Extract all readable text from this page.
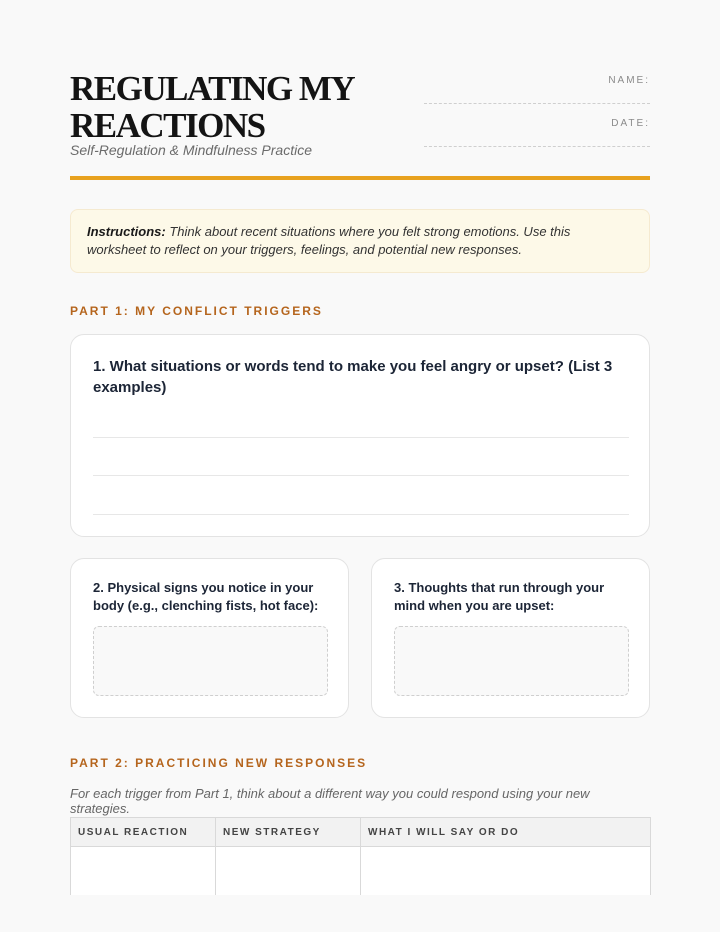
REGULATING MY REACTIONS
Self-Regulation & Mindfulness Practice
NAME:
DATE:
Instructions: Think about recent situations where you felt strong emotions. Use this worksheet to reflect on your triggers, feelings, and potential new responses.
PART 1: MY CONFLICT TRIGGERS
1. What situations or words tend to make you feel angry or upset? (List 3 examples)
2. Physical signs you notice in your body (e.g., clenching fists, hot face):
3. Thoughts that run through your mind when you are upset:
PART 2: PRACTICING NEW RESPONSES
For each trigger from Part 1, think about a different way you could respond using your new strategies.
USUAL REACTION	NEW STRATEGY	WHAT I WILL SAY OR DO
